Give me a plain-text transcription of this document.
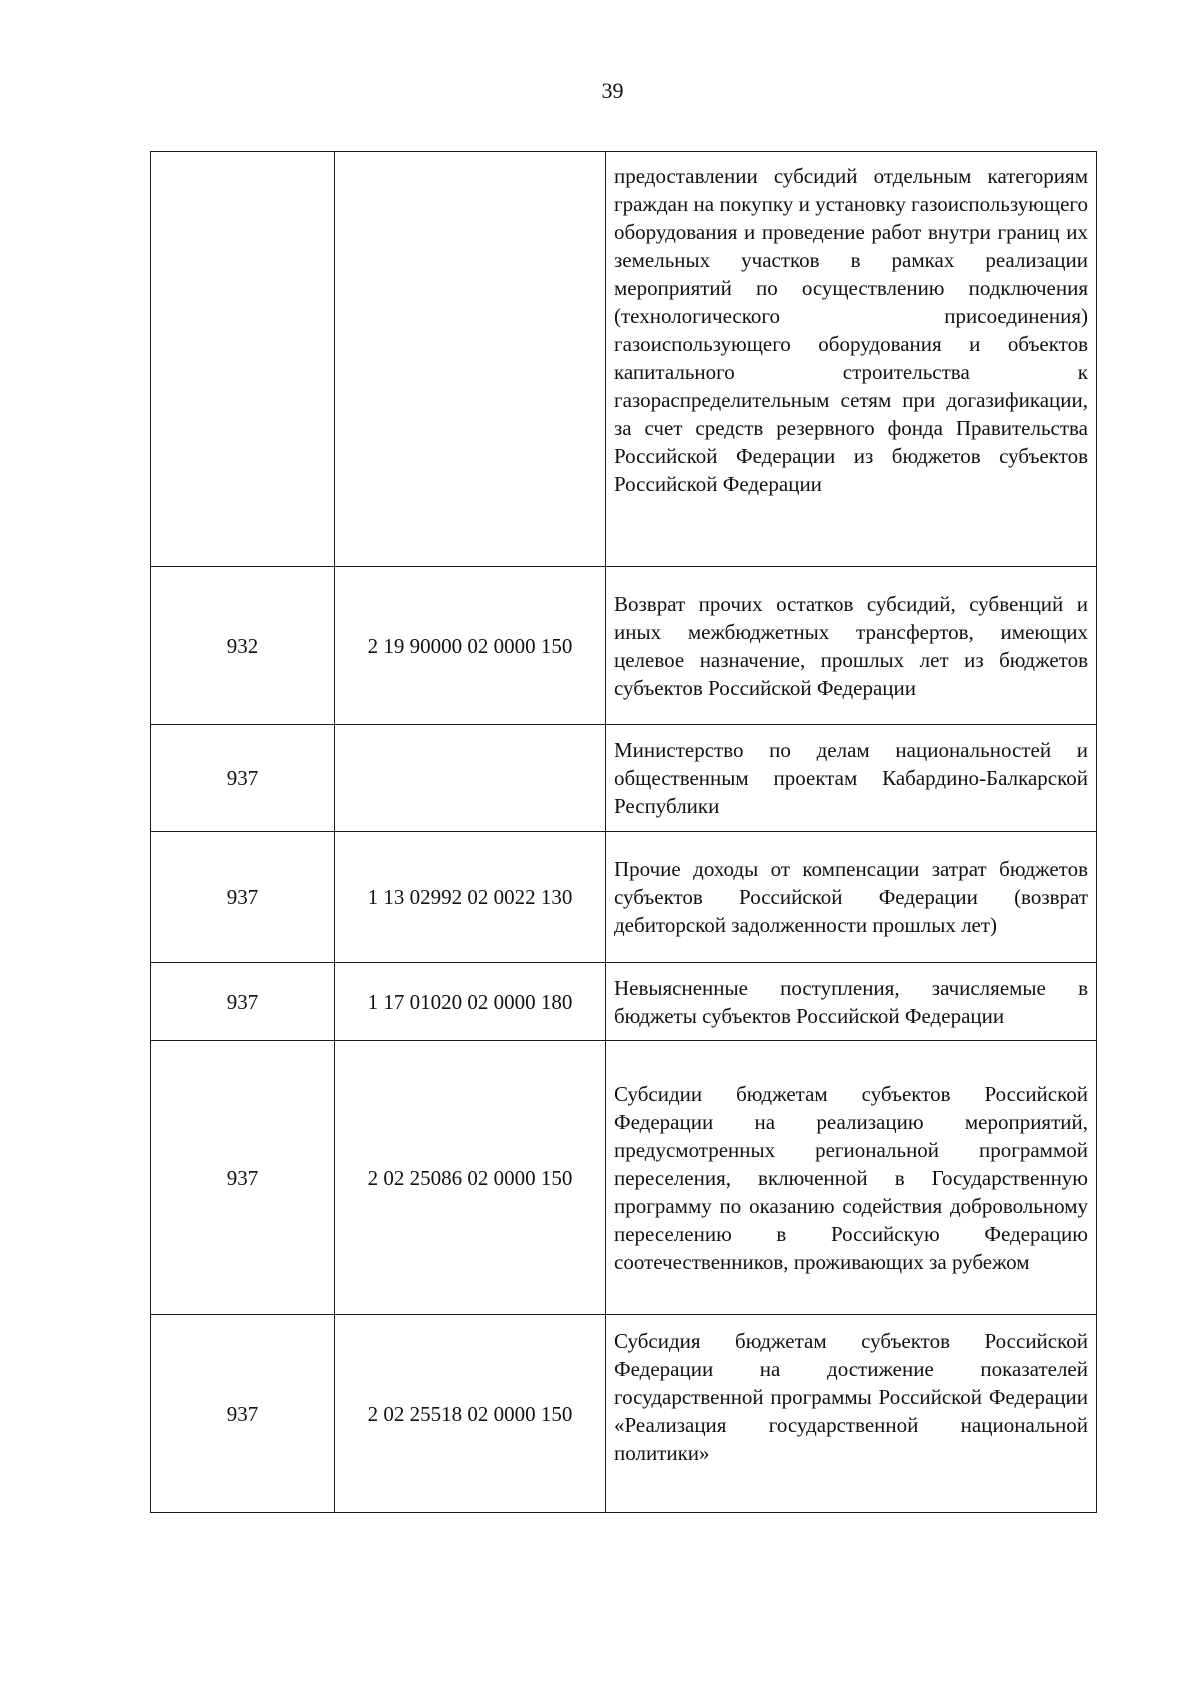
39

		предоставлении субсидий отдельным категориям граждан на покупку и установку газоиспользующего оборудования и проведение работ внутри границ их земельных участков в рамках реализации мероприятий по осуществлению подключения (технологического присоединения) газоиспользующего оборудования и объектов капитального строительства к газораспределительным сетям при догазификации, за счет средств резервного фонда Правительства Российской Федерации из бюджетов субъектов Российской Федерации

932	2 19 90000 02 0000 150	Возврат прочих остатков субсидий, субвенций и иных межбюджетных трансфертов, имеющих целевое назначение, прошлых лет из бюджетов субъектов Российской Федерации

937		Министерство по делам национальностей и общественным проектам Кабардино-Балкарской Республики

937	1 13 02992 02 0022 130	Прочие доходы от компенсации затрат бюджетов субъектов Российской Федерации (возврат дебиторской задолженности прошлых лет)

937	1 17 01020 02 0000 180	Невыясненные поступления, зачисляемые в бюджеты субъектов Российской Федерации

937	2 02 25086 02 0000 150	Субсидии бюджетам субъектов Российской Федерации на реализацию мероприятий, предусмотренных региональной программой переселения, включенной в Государственную программу по оказанию содействия добровольному переселению в Российскую Федерацию соотечественников, проживающих за рубежом

937	2 02 25518 02 0000 150	Субсидия бюджетам субъектов Российской Федерации на достижение показателей государственной программы Российской Федерации «Реализация государственной национальной политики»
